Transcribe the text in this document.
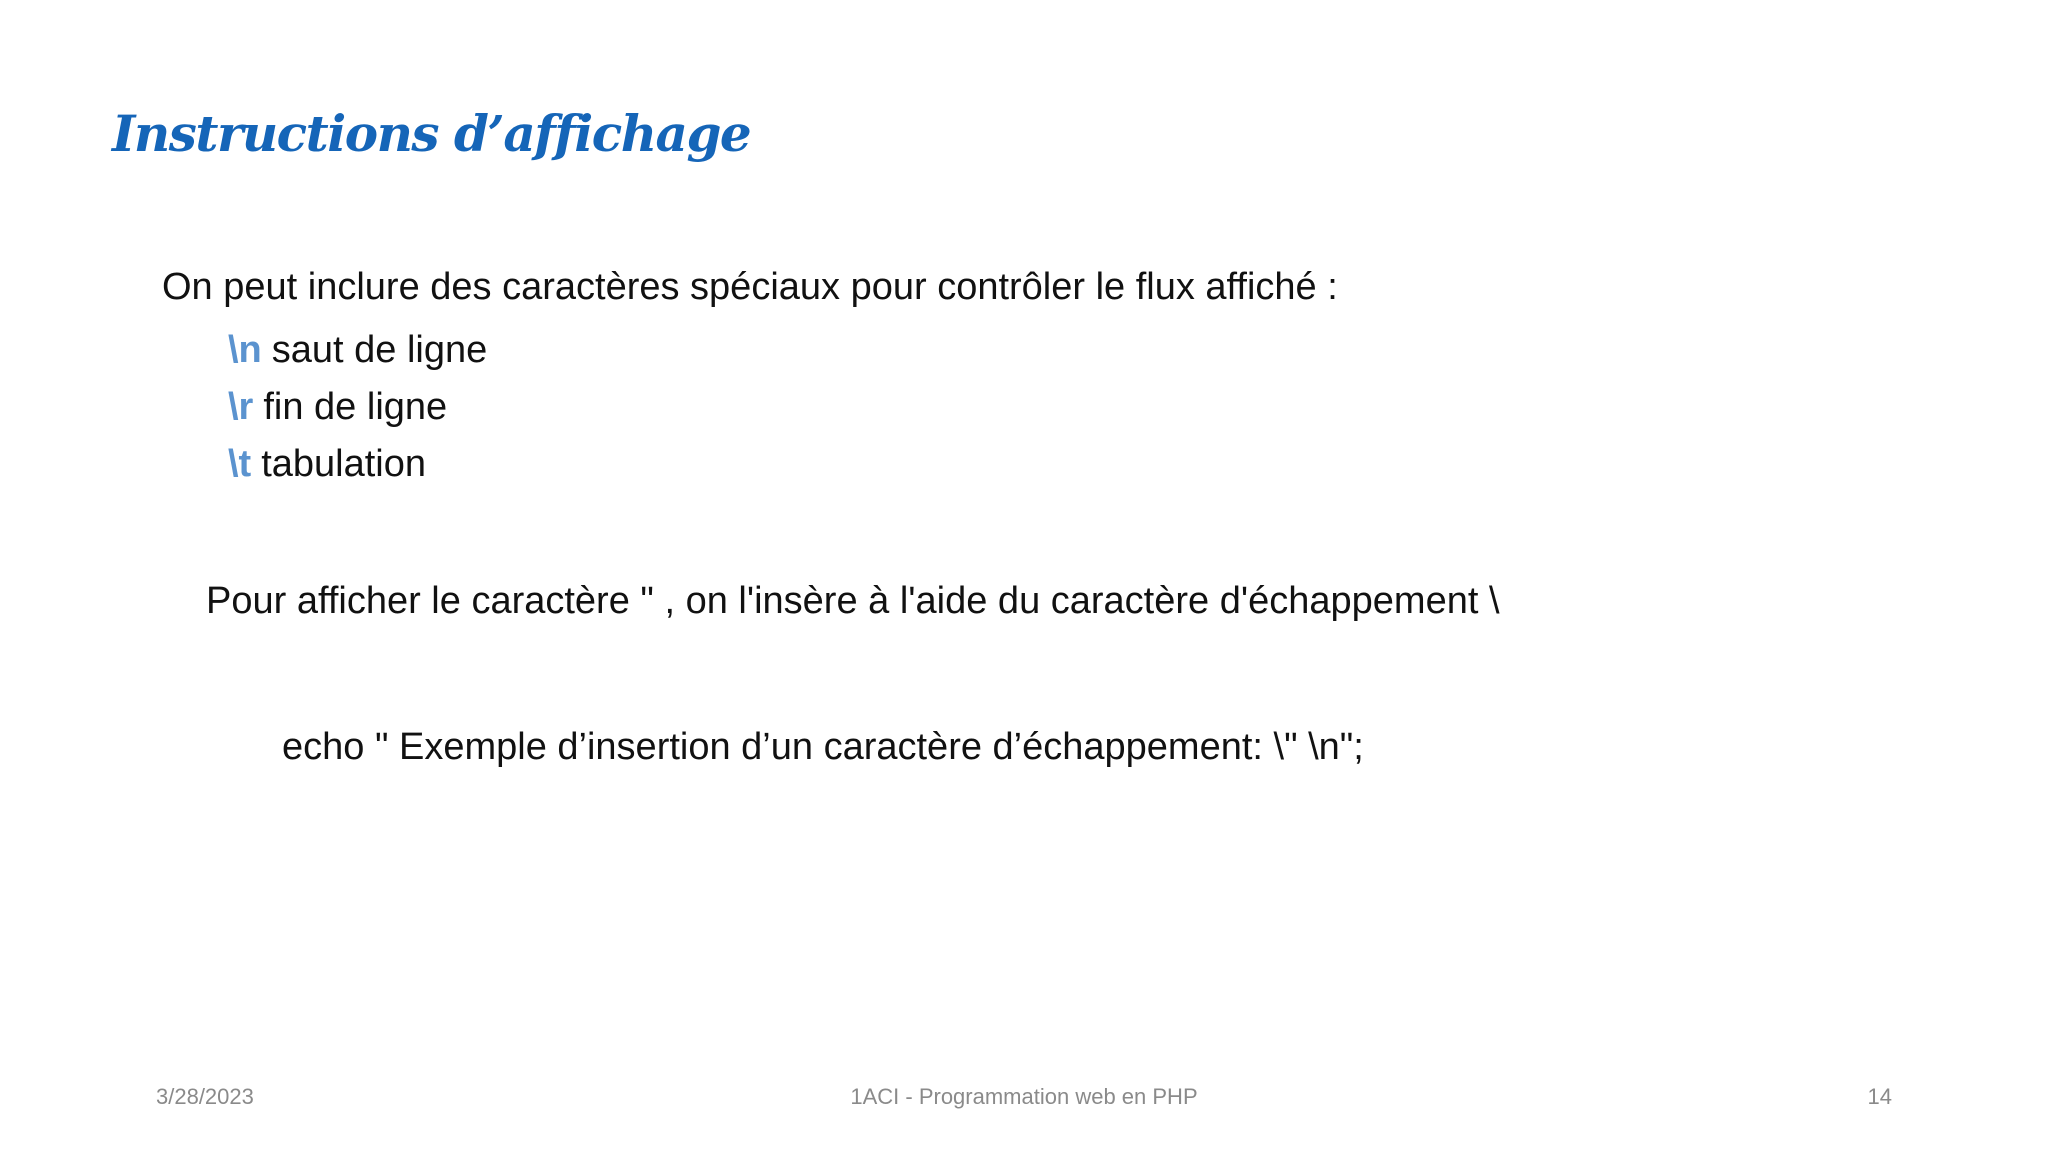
Instructions d’affichage
On peut inclure des caractères spéciaux pour contrôler le flux affiché :
\n saut de ligne
\r fin de ligne
\t tabulation
Pour afficher le caractère " , on l'insère à l'aide du caractère d'échappement \
echo " Exemple d’insertion d’un caractère d’échappement: \" \n";
3/28/2023	1ACI - Programmation web en PHP	14
